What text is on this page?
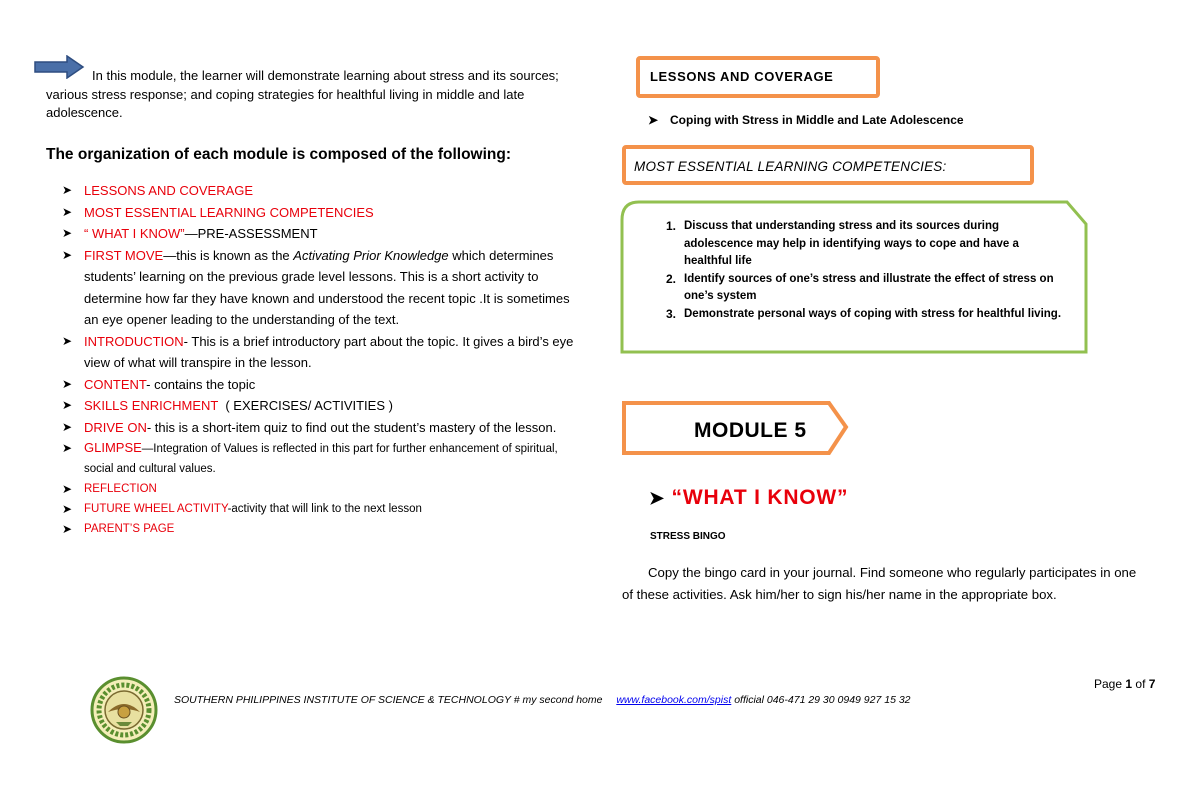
In this module, the learner will demonstrate learning about stress and its sources; various stress response; and coping strategies for healthful living in middle and late adolescence.
The organization of each module is composed of the following:
➤ LESSONS AND COVERAGE
➤ MOST ESSENTIAL LEARNING COMPETENCIES
➤ “ WHAT I KNOW”—PRE-ASSESSMENT
➤ FIRST MOVE—this is known as the Activating Prior Knowledge which determines students’ learning on the previous grade level lessons. This is a short activity to determine how far they have known and understood the recent topic .It is sometimes an eye opener leading to the understanding of the text.
➤ INTRODUCTION- This is a brief introductory part about the topic. It gives a bird’s eye view of what will transpire in the lesson.
➤ CONTENT- contains the topic
➤ SKILLS ENRICHMENT  ( EXERCISES/ ACTIVITIES )
➤ DRIVE ON- this is a short-item quiz to find out the student’s mastery of the lesson.
➤ GLIMPSE—Integration of Values is reflected in this part for further enhancement of spiritual, social and cultural values.
➤	REFLECTION
➤	FUTURE WHEEL ACTIVITY-activity that will link to the next lesson
➤	PARENT’S PAGE
LESSONS AND COVERAGE
➤ Coping with Stress in Middle and Late Adolescence
MOST ESSENTIAL LEARNING COMPETENCIES:
1. Discuss that understanding stress and its sources during adolescence may help in identifying ways to cope and have a healthful life
2. Identify sources of one’s stress and illustrate the effect of stress on one’s system
3. Demonstrate personal ways of coping with stress for healthful living.
MODULE 5
➤ “WHAT I KNOW”
STRESS BINGO
Copy the bingo card in your journal. Find someone who regularly participates in one of these activities. Ask him/her to sign his/her name in the appropriate box.
SOUTHERN PHILIPPINES INSTITUTE OF SCIENCE & TECHNOLOGY # my second home www.facebook.com/spist official 046-471 29 30 0949 927 15 32
Page 1 of 7
